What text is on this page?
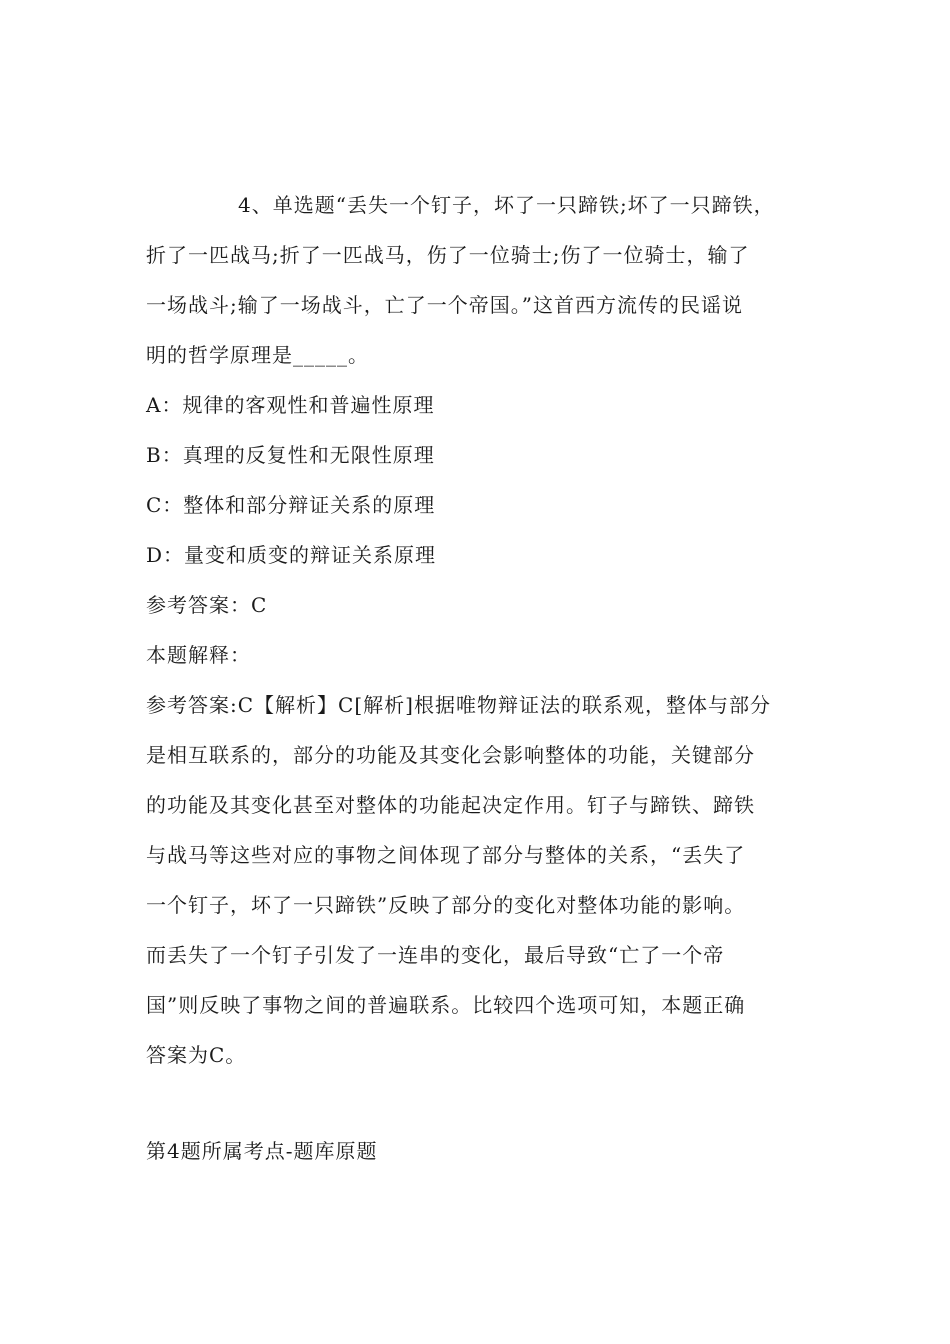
4、单选题“丢失一个钉子，坏了一只蹄铁;坏了一只蹄铁，
折了一匹战马;折了一匹战马，伤了一位骑士;伤了一位骑士，输了
一场战斗;输了一场战斗，亡了一个帝国。”这首西方流传的民谣说
明的哲学原理是_____。
A：规律的客观性和普遍性原理
B：真理的反复性和无限性原理
C：整体和部分辩证关系的原理
D：量变和质变的辩证关系原理
参考答案：C
本题解释：
参考答案:C【解析】C[解析]根据唯物辩证法的联系观，整体与部分
是相互联系的，部分的功能及其变化会影响整体的功能，关键部分
的功能及其变化甚至对整体的功能起决定作用。钉子与蹄铁、蹄铁
与战马等这些对应的事物之间体现了部分与整体的关系，“丢失了
一个钉子，坏了一只蹄铁”反映了部分的变化对整体功能的影响。
而丢失了一个钉子引发了一连串的变化，最后导致“亡了一个帝
国”则反映了事物之间的普遍联系。比较四个选项可知，本题正确
答案为C。
第4题所属考点-题库原题
